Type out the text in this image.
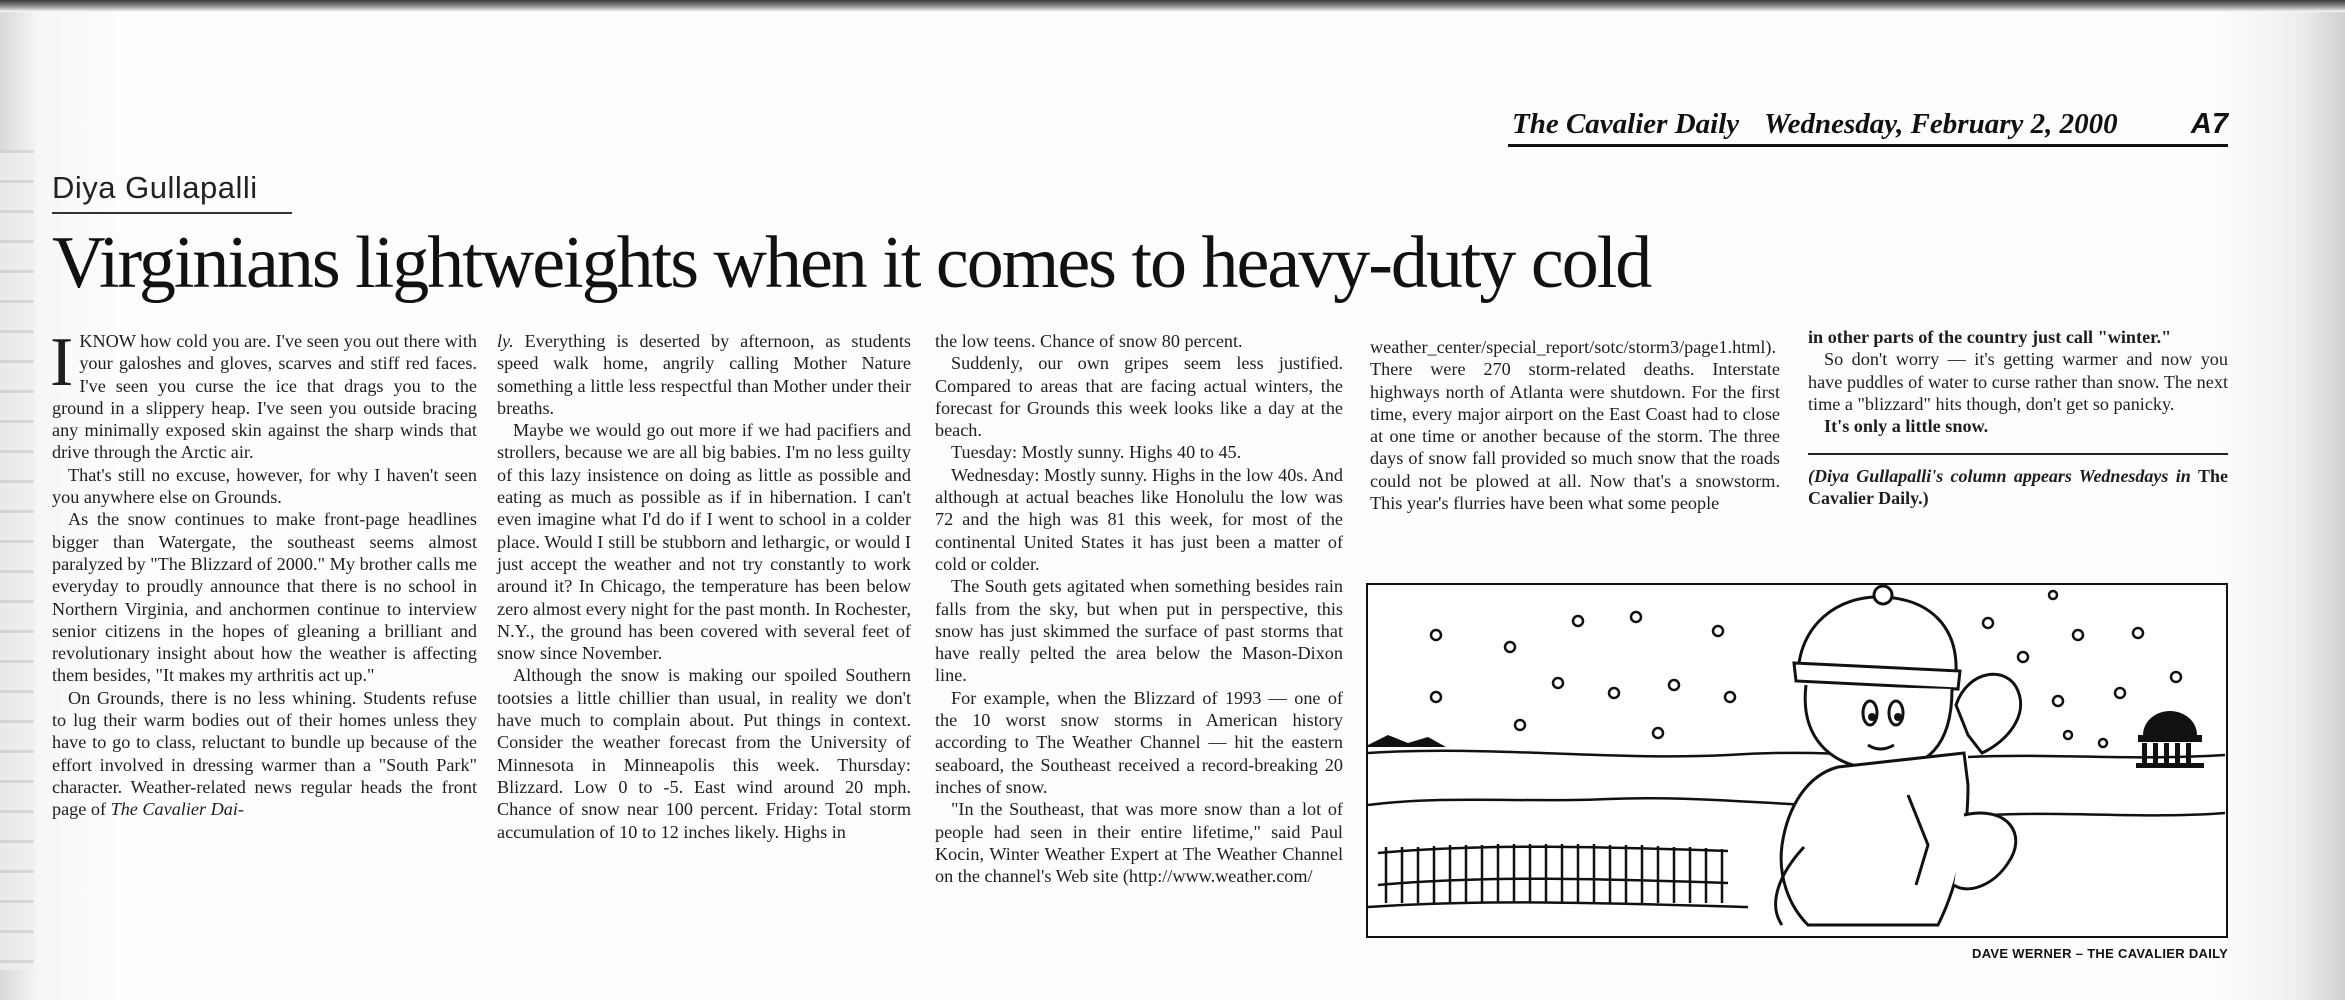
The Cavalier Daily Wednesday, February 2, 2000	A7
Diya Gullapalli
Virginians lightweights when it comes to heavy-duty cold

IKNOW how cold you are. I've seen you out there with your galoshes and gloves, scarves and stiff red faces. I've seen you curse the ice that drags you to the ground in a slippery heap. I've seen you outside bracing any minimally exposed skin against the sharp winds that drive through the Arctic air.

That's still no excuse, however, for why I haven't seen you anywhere else on Grounds.

As the snow continues to make front-page headlines bigger than Watergate, the southeast seems almost paralyzed by "The Blizzard of 2000." My brother calls me everyday to proudly announce that there is no school in Northern Virginia, and anchormen continue to interview senior citizens in the hopes of gleaning a brilliant and revolutionary insight about how the weather is affecting them besides, "It makes my arthritis act up."

On Grounds, there is no less whining. Students refuse to lug their warm bodies out of their homes unless they have to go to class, reluctant to bundle up because of the effort involved in dressing warmer than a "South Park" character. Weather-related news regular heads the front page of The Cavalier Dai-

ly. Everything is deserted by afternoon, as students speed walk home, angrily calling Mother Nature something a little less respectful than Mother under their breaths.

Maybe we would go out more if we had pacifiers and strollers, because we are all big babies. I'm no less guilty of this lazy insistence on doing as little as possible and eating as much as possible as if in hibernation. I can't even imagine what I'd do if I went to school in a colder place. Would I still be stubborn and lethargic, or would I just accept the weather and not try constantly to work around it? In Chicago, the temperature has been below zero almost every night for the past month. In Rochester, N.Y., the ground has been covered with several feet of snow since November.

Although the snow is making our spoiled Southern tootsies a little chillier than usual, in reality we don't have much to complain about. Put things in context. Consider the weather forecast from the University of Minnesota in Minneapolis this week. Thursday: Blizzard. Low 0 to -5. East wind around 20 mph. Chance of snow near 100 percent. Friday: Total storm accumulation of 10 to 12 inches likely. Highs in

the low teens. Chance of snow 80 percent.

Suddenly, our own gripes seem less justified. Compared to areas that are facing actual winters, the forecast for Grounds this week looks like a day at the beach.

Tuesday: Mostly sunny. Highs 40 to 45.

Wednesday: Mostly sunny. Highs in the low 40s. And although at actual beaches like Honolulu the low was 72 and the high was 81 this week, for most of the continental United States it has just been a matter of cold or colder.

The South gets agitated when something besides rain falls from the sky, but when put in perspective, this snow has just skimmed the surface of past storms that have really pelted the area below the Mason-Dixon line.

For example, when the Blizzard of 1993 — one of the 10 worst snow storms in American history according to The Weather Channel — hit the eastern seaboard, the Southeast received a record-breaking 20 inches of snow.

"In the Southeast, that was more snow than a lot of people had seen in their entire lifetime," said Paul Kocin, Winter Weather Expert at The Weather Channel on the channel's Web site (http://www.weather.com/

weather_center/special_report/sotc/storm3/page1.html). There were 270 storm-related deaths. Interstate highways north of Atlanta were shutdown. For the first time, every major airport on the East Coast had to close at one time or another because of the storm. The three days of snow fall provided so much snow that the roads could not be plowed at all. Now that's a snowstorm. This year's flurries have been what some people

in other parts of the country just call "winter."

So don't worry — it's getting warmer and now you have puddles of water to curse rather than snow. The next time a "blizzard" hits though, don't get so panicky.

It's only a little snow.

(Diya Gullapalli's column appears Wednesdays in The Cavalier Daily.)

DAVE WERNER – THE CAVALIER DAILY
